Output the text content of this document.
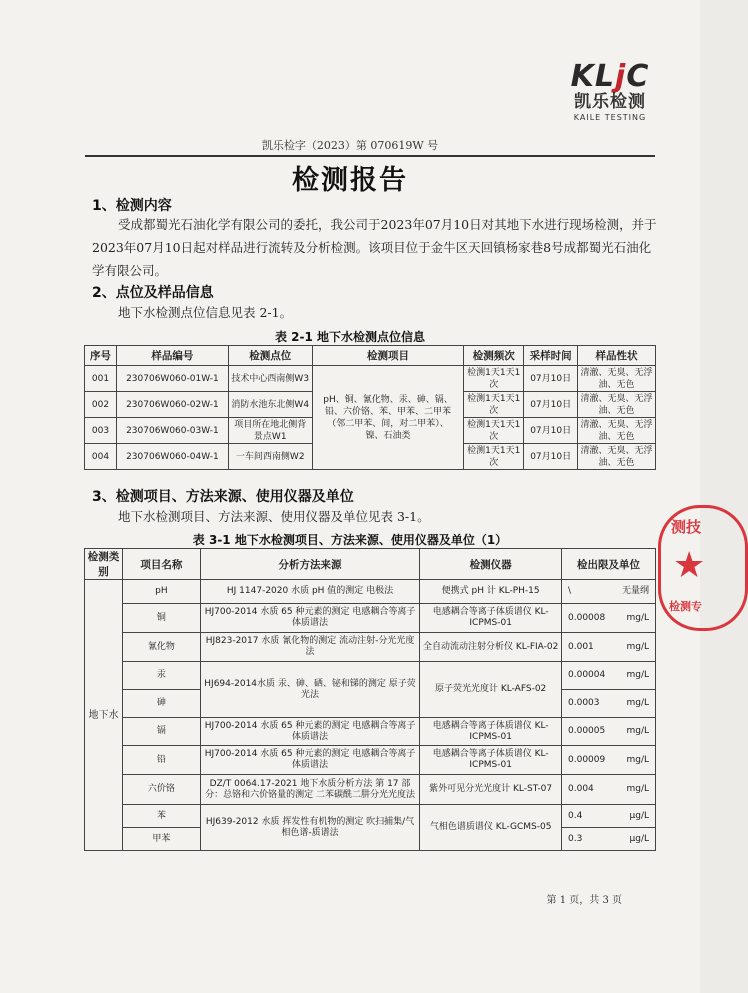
KLjC
凯乐检测
KAILE TESTING
凯乐检字（2023）第 070619W 号
检测报告
1、检测内容
受成都蜀光石油化学有限公司的委托，我公司于2023年07月10日对其地下水进行现场检测，并于2023年07月10日起对样品进行流转及分析检测。该项目位于金牛区天回镇杨家巷8号成都蜀光石油化学有限公司。
2、点位及样品信息
地下水检测点位信息见表 2-1。
表 2-1 地下水检测点位信息
序号	样品编号	检测点位	检测项目	检测频次	采样时间	样品性状
001	230706W060-01W-1	技术中心西南侧W3	pH、铜、氰化物、汞、砷、镉、铅、六价铬、苯、甲苯、二甲苯（邻二甲苯、间，对二甲苯）、镍、石油类	检测1天1天1次	07月10日	清澈、无臭、无浮油、无色
002	230706W060-02W-1	消防水池东北侧W4		检测1天1天1次	07月10日	清澈、无臭、无浮油、无色
003	230706W060-03W-1	项目所在地北侧背景点W1		检测1天1天1次	07月10日	清澈、无臭、无浮油、无色
004	230706W060-04W-1	一车间西南侧W2		检测1天1天1次	07月10日	清澈、无臭、无浮油、无色
3、检测项目、方法来源、使用仪器及单位
地下水检测项目、方法来源、使用仪器及单位见表 3-1。
表 3-1 地下水检测项目、方法来源、使用仪器及单位（1）
检测类别	项目名称	分析方法来源	检测仪器	检出限及单位
地下水	pH	HJ 1147-2020 水质 pH 值的测定 电极法	便携式 pH 计 KL-PH-15	\ 无量纲

	铜	HJ700-2014 水质 65 种元素的测定 电感耦合等离子体质谱法	电感耦合等离子体质谱仪 KL-ICPMS-01	0.00008 mg/L

	氰化物	HJ823-2017 水质 氰化物的测定 流动注射-分光光度法	全自动流动注射分析仪 KL-FIA-02	0.001 mg/L

	汞	HJ694-2014水质 汞、砷、硒、铋和锑的测定 原子荧光法	原子荧光光度计 KL-AFS-02	0.00004 mg/L

	砷			0.0003 mg/L

	镉	HJ700-2014 水质 65 种元素的测定 电感耦合等离子体质谱法	电感耦合等离子体质谱仪 KL-ICPMS-01	0.00005 mg/L

	铅	HJ700-2014 水质 65 种元素的测定 电感耦合等离子体质谱法	电感耦合等离子体质谱仪 KL-ICPMS-01	0.00009 mg/L

	六价铬	DZ/T 0064.17-2021 地下水质分析方法 第 17 部分：总铬和六价铬量的测定 二苯碳酰二肼分光光度法	紫外可见分光光度计 KL-ST-07	0.004 mg/L

	苯	HJ639-2012 水质 挥发性有机物的测定 吹扫捕集/气相色谱-质谱法	气相色谱质谱仪 KL-GCMS-05	0.4 μg/L

	甲苯			0.3 μg/L
测技
★
检测专
第 1 页，共 3 页
